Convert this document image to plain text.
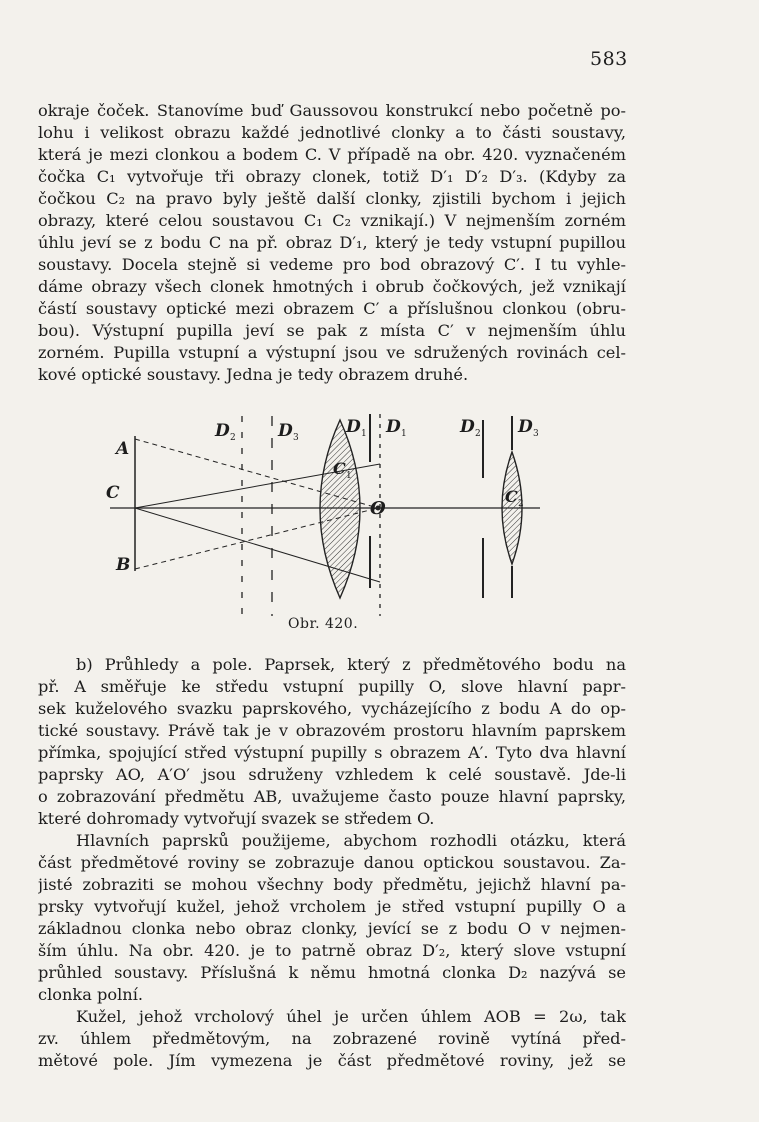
583
okraje čoček. Stanovíme buď Gaussovou konstrukcí nebo početně po-
lohu i velikost obrazu každé jednotlivé clonky a to části soustavy,
která je mezi clonkou a bodem C. V případě na obr. 420. vyznačeném
čočka C₁ vytvořuje tři obrazy clonek, totiž D′₁ D′₂ D′₃. (Kdyby za
čočkou C₂ na pravo byly ještě další clonky, zjistili bychom i jejich
obrazy, které celou soustavou C₁ C₂ vznikají.) V nejmenším zorném
úhlu jeví se z bodu C na př. obraz D′₁, který je tedy vstupní pupillou
soustavy. Docela stejně si vedeme pro bod obrazový C′. I tu vyhle-
dáme obrazy všech clonek hmotných i obrub čočkových, jež vznikají
částí soustavy optické mezi obrazem C′ a příslušnou clonkou (obru-
bou). Výstupní pupilla jeví se pak z místa C′ v nejmenším úhlu
zorném. Pupilla vstupní a výstupní jsou ve sdružených rovinách cel-
kové optické soustavy. Jedna je tedy obrazem druhé.
A
C
B
O
D 2 D 3
D 1 D 1	D 2 D 3
C 1
C 2
Obr. 420.
b) Průhledy a pole. Paprsek, který z předmětového bodu na
př. A směřuje ke středu vstupní pupilly O, slove hlavní papr-
sek kuželového svazku paprskového, vycházejícího z bodu A do op-
tické soustavy. Právě tak je v obrazovém prostoru hlavním paprskem
přímka, spojující střed výstupní pupilly s obrazem A′. Tyto dva hlavní
paprsky AO, A′O′ jsou sdruženy vzhledem k celé soustavě. Jde-li
o zobrazování předmětu AB, uvažujeme často pouze hlavní paprsky,
které dohromady vytvořují svazek se středem O.
Hlavních paprsků použijeme, abychom rozhodli otázku, která
část předmětové roviny se zobrazuje danou optickou soustavou. Za-
jisté zobraziti se mohou všechny body předmětu, jejichž hlavní pa-
prsky vytvořují kužel, jehož vrcholem je střed vstupní pupilly O a
základnou clonka nebo obraz clonky, jevící se z bodu O v nejmen-
ším úhlu. Na obr. 420. je to patrně obraz D′₂, který slove vstupní
průhled soustavy. Příslušná k němu hmotná clonka D₂ nazývá se
clonka polní.
Kužel, jehož vrcholový úhel je určen úhlem AOB = 2ω, tak
zv. úhlem předmětovým, na zobrazené rovině vytíná před-
mětové pole. Jím vymezena je část předmětové roviny, jež se
